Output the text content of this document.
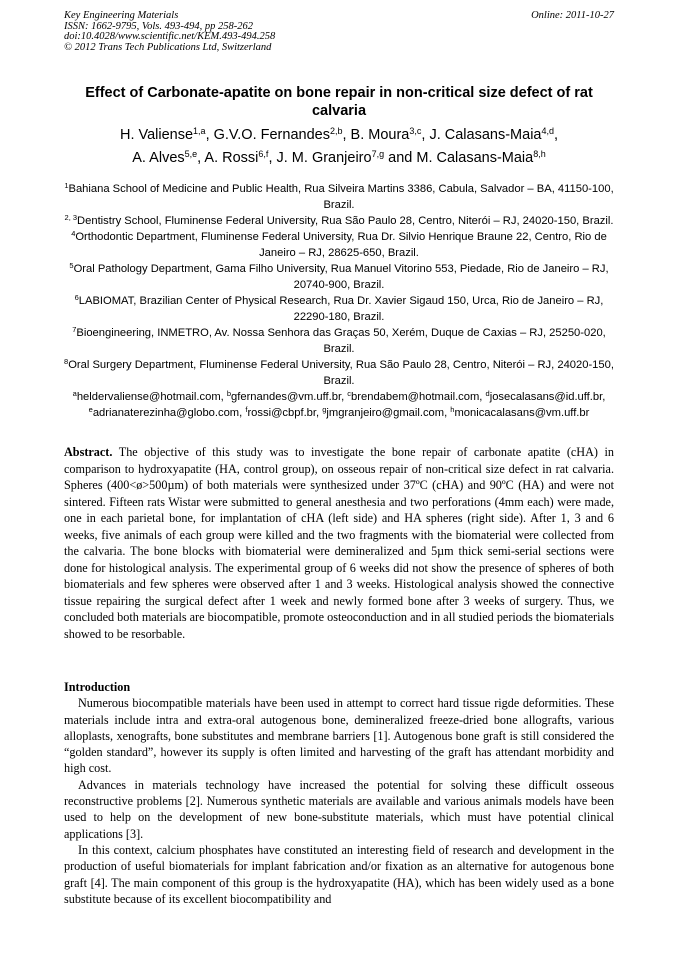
Key Engineering Materials
ISSN: 1662-9795, Vols. 493-494, pp 258-262
doi:10.4028/www.scientific.net/KEM.493-494.258
© 2012 Trans Tech Publications Ltd, Switzerland
Online: 2011-10-27
Effect of Carbonate-apatite on bone repair in non-critical size defect of rat calvaria
H. Valiense$^{1,a}$, G.V.O. Fernandes$^{2,b}$, B. Moura$^{3,c}$, J. Calasans-Maia$^{4,d}$,
A. Alves$^{5,e}$, A. Rossi$^{6,f}$, J. M. Granjeiro$^{7,g}$ and M. Calasans-Maia$^{8,h}$
$^1$Bahiana School of Medicine and Public Health, Rua Silveira Martins 3386, Cabula, Salvador – BA, 41150-100, Brazil.
$^{2, 3}$Dentistry School, Fluminense Federal University, Rua São Paulo 28, Centro, Niterói – RJ, 24020-150, Brazil.
$^4$Orthodontic Department, Fluminense Federal University, Rua Dr. Silvio Henrique Braune 22, Centro, Rio de Janeiro – RJ, 28625-650, Brazil.
$^5$Oral Pathology Department, Gama Filho University, Rua Manuel Vitorino 553, Piedade, Rio de Janeiro – RJ, 20740-900, Brazil.
$^6$LABIOMAT, Brazilian Center of Physical Research, Rua Dr. Xavier Sigaud 150, Urca, Rio de Janeiro – RJ, 22290-180, Brazil.
$^7$Bioengineering, INMETRO, Av. Nossa Senhora das Graças 50, Xerém, Duque de Caxias – RJ, 25250-020, Brazil.
$^8$Oral Surgery Department, Fluminense Federal University, Rua São Paulo 28, Centro, Niterói – RJ, 24020-150, Brazil.
$^a$heldervaliense@hotmail.com, $^b$gfernandes@vm.uff.br, $^c$brendabem@hotmail.com, $^d$josecalasans@id.uff.br, $^e$adrianaterezinha@globo.com, $^f$rossi@cbpf.br, $^g$jmgranjeiro@gmail.com, $^h$monicacalasans@vm.uff.br
Abstract. The objective of this study was to investigate the bone repair of carbonate apatite (cHA) in comparison to hydroxyapatite (HA, control group), on osseous repair of non-critical size defect in rat calvaria. Spheres (400<ø>500µm) of both materials were synthesized under 37ºC (cHA) and 90ºC (HA) and were not sintered. Fifteen rats Wistar were submitted to general anesthesia and two perforations (4mm each) were made, one in each parietal bone, for implantation of cHA (left side) and HA spheres (right side). After 1, 3 and 6 weeks, five animals of each group were killed and the two fragments with the biomaterial were collected from the calvaria. The bone blocks with biomaterial were demineralized and 5µm thick semi-serial sections were done for histological analysis. The experimental group of 6 weeks did not show the presence of spheres of both biomaterials and few spheres were observed after 1 and 3 weeks. Histological analysis showed the connective tissue repairing the surgical defect after 1 week and newly formed bone after 3 weeks of surgery. Thus, we concluded both materials are biocompatible, promote osteoconduction and in all studied periods the biomaterials showed to be resorbable.
Introduction

Numerous biocompatible materials have been used in attempt to correct hard tissue rigde deformities. These materials include intra and extra-oral autogenous bone, demineralized freeze-dried bone allografts, various alloplasts, xenografts, bone substitutes and membrane barriers [1]. Autogenous bone graft is still considered the “golden standard”, however its supply is often limited and harvesting of the graft has attendant morbidity and high cost.

Advances in materials technology have increased the potential for solving these difficult osseous reconstructive problems [2]. Numerous synthetic materials are available and various animals models have been used to help on the development of new bone-substitute materials, which must have potential clinical applications [3].

In this context, calcium phosphates have constituted an interesting field of research and development in the production of useful biomaterials for implant fabrication and/or fixation as an alternative for autogenous bone graft [4]. The main component of this group is the hydroxyapatite (HA), which has been widely used as a bone substitute because of its excellent biocompatibility and
